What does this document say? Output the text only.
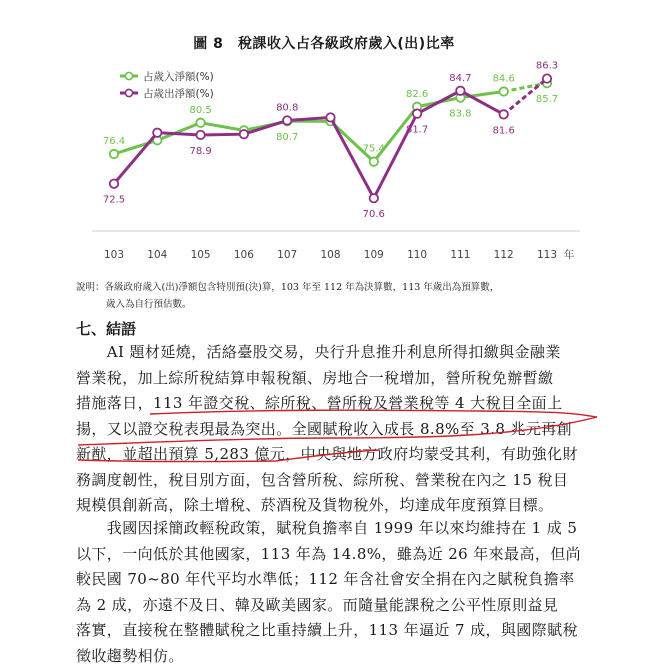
圖 8　稅課收入占各級政府歲入(出)比率
103 104 105 106 107 108 109 110 111 112 113 年
76.4
80.5
80.7
75.4
82.6
83.8
84.6
85.7
72.5
78.9
80.8
70.6
81.7
84.7
81.6
86.3
占歲入淨額(%)
占歲出淨額(%)
說明：各級政府歲入(出)淨額包含特別預(決)算，103 年至 112 年為決算數，113 年歲出為預算數，
歲入為自行預估數。
七、結語
　　AI 題材延燒，活絡臺股交易，央行升息推升利息所得扣繳與金融業
營業稅，加上綜所稅結算申報稅額、房地合一稅增加，營所稅免辦暫繳
措施落日，113 年證交稅、綜所稅、營所稅及營業稅等 4 大稅目全面上
揚，又以證交稅表現最為突出。全國賦稅收入成長 8.8%至 3.8 兆元再創
新猷，並超出預算 5,283 億元，中央與地方政府均蒙受其利，有助強化財
務調度韌性，稅目別方面，包含營所稅、綜所稅、營業稅在內之 15 稅目
規模俱創新高，除土增稅、菸酒稅及貨物稅外，均達成年度預算目標。
　　我國因採簡政輕稅政策，賦稅負擔率自 1999 年以來均維持在 1 成 5
以下，一向低於其他國家，113 年為 14.8%，雖為近 26 年來最高，但尚
較民國 70~80 年代平均水準低；112 年含社會安全捐在內之賦稅負擔率
為 2 成，亦遠不及日、韓及歐美國家。而隨量能課稅之公平性原則益見
落實，直接稅在整體賦稅之比重持續上升，113 年逼近 7 成，與國際賦稅
徵收趨勢相仿。
